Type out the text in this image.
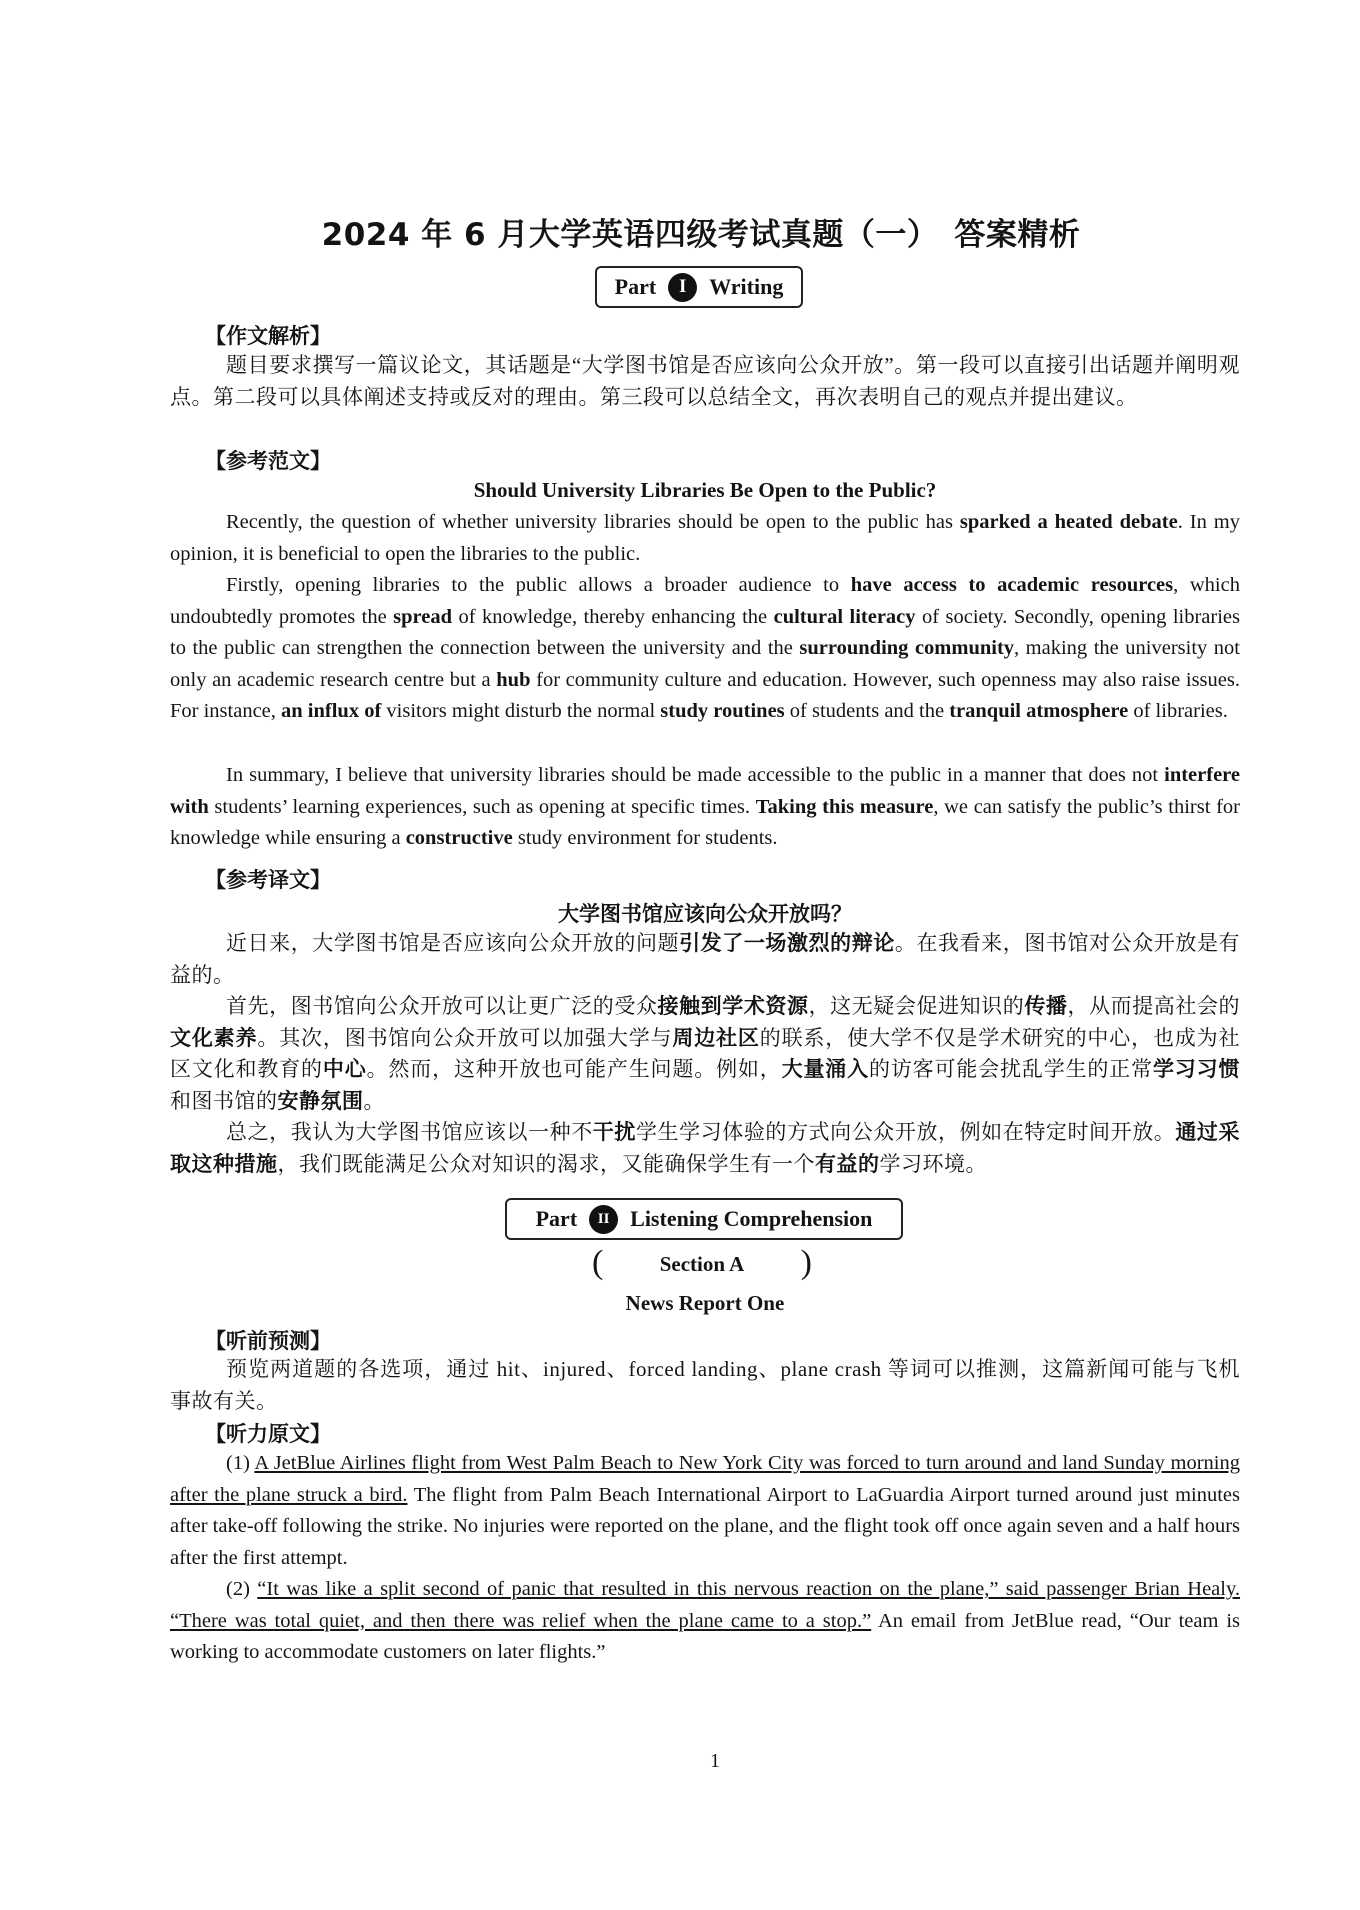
2024 年 6 月大学英语四级考试真题（一）　答案精析
Part	I	Writing
【作文解析】
题目要求撰写一篇议论文，其话题是“大学图书馆是否应该向公众开放”。第一段可以直接引出话题并阐明观点。第二段可以具体阐述支持或反对的理由。第三段可以总结全文，再次表明自己的观点并提出建议。
【参考范文】
Should University Libraries Be Open to the Public?
Recently, the question of whether university libraries should be open to the public has sparked a heated debate. In my opinion, it is beneficial to open the libraries to the public.
Firstly, opening libraries to the public allows a broader audience to have access to academic resources, which undoubtedly promotes the spread of knowledge, thereby enhancing the cultural literacy of society. Secondly, opening libraries to the public can strengthen the connection between the university and the surrounding community, making the university not only an academic research centre but a hub for community culture and education. However, such openness may also raise issues. For instance, an influx of visitors might disturb the normal study routines of students and the tranquil atmosphere of libraries.
In summary, I believe that university libraries should be made accessible to the public in a manner that does not interfere with students’ learning experiences, such as opening at specific times. Taking this measure, we can satisfy the public’s thirst for knowledge while ensuring a constructive study environment for students.
【参考译文】
大学图书馆应该向公众开放吗？
近日来，大学图书馆是否应该向公众开放的问题引发了一场激烈的辩论。在我看来，图书馆对公众开放是有益的。
首先，图书馆向公众开放可以让更广泛的受众接触到学术资源，这无疑会促进知识的传播，从而提高社会的文化素养。其次，图书馆向公众开放可以加强大学与周边社区的联系，使大学不仅是学术研究的中心，也成为社区文化和教育的中心。然而，这种开放也可能产生问题。例如，大量涌入的访客可能会扰乱学生的正常学习习惯和图书馆的安静氛围。
总之，我认为大学图书馆应该以一种不干扰学生学习体验的方式向公众开放，例如在特定时间开放。通过采取这种措施，我们既能满足公众对知识的渴求，又能确保学生有一个有益的学习环境。
Part	II Listening Comprehension
(	Section A )
News Report One
【听前预测】
预览两道题的各选项，通过 hit、injured、forced landing、plane crash 等词可以推测，这篇新闻可能与飞机事故有关。
【听力原文】
(1) A JetBlue Airlines flight from West Palm Beach to New York City was forced to turn around and land Sunday morning after the plane struck a bird. The flight from Palm Beach International Airport to LaGuardia Airport turned around just minutes after take-off following the strike. No injuries were reported on the plane, and the flight took off once again seven and a half hours after the first attempt.
(2) “It was like a split second of panic that resulted in this nervous reaction on the plane,” said passenger Brian Healy. “There was total quiet, and then there was relief when the plane came to a stop.” An email from JetBlue read, “Our team is working to accommodate customers on later flights.”
1
